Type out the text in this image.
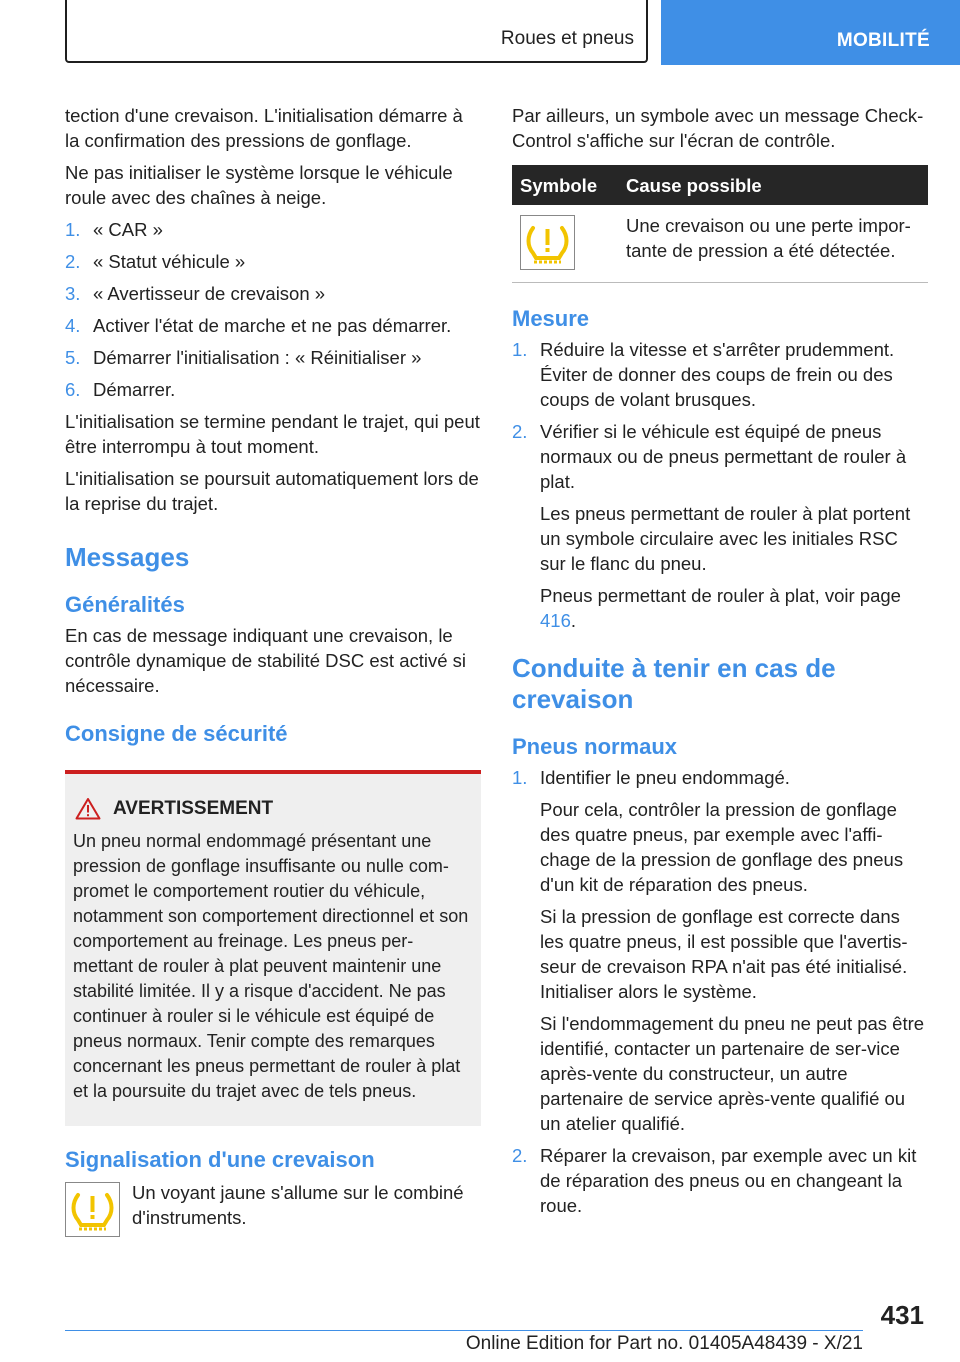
Roues et pneus	MOBILITÉ

tection d'une crevaison. L'initialisation démarre à la confirmation des pressions de gonflage.

Ne pas initialiser le système lorsque le véhicule roule avec des chaînes à neige.

1. « CAR »
2. « Statut véhicule »
3. « Avertisseur de crevaison »
4. Activer l'état de marche et ne pas démarrer.
5. Démarrer l'initialisation : « Réinitialiser »
6. Démarrer.

L'initialisation se termine pendant le trajet, qui peut être interrompu à tout moment.

L'initialisation se poursuit automatiquement lors de la reprise du trajet.

Messages
Généralités

En cas de message indiquant une crevaison, le contrôle dynamique de stabilité DSC est activé si nécessaire.

Consigne de sécurité
AVERTISSEMENT
Un pneu normal endommagé présentant une pression de gonflage insuffisante ou nulle com-promet le comportement routier du véhicule, notamment son comportement directionnel et son comportement au freinage. Les pneus per-mettant de rouler à plat peuvent maintenir une stabilité limitée. Il y a risque d'accident. Ne pas continuer à rouler si le véhicule est équipé de pneus normaux. Tenir compte des remarques concernant les pneus permettant de rouler à plat et la poursuite du trajet avec de tels pneus.
Signalisation d'une crevaison
Un voyant jaune s'allume sur le combiné d'instruments.

Par ailleurs, un symbole avec un message Check-Control s'affiche sur l'écran de contrôle.

Symbole	Cause possible

	Une crevaison ou une perte impor-tante de pression a été détectée.
Mesure
1. Réduire la vitesse et s'arrêter prudemment. Éviter de donner des coups de frein ou des coups de volant brusques.
2. Vérifier si le véhicule est équipé de pneus normaux ou de pneus permettant de rouler à plat.

Les pneus permettant de rouler à plat portent un symbole circulaire avec les initiales RSC sur le flanc du pneu.

Pneus permettant de rouler à plat, voir page 416.

Conduite à tenir en cas de crevaison
Pneus normaux
1. Identifier le pneu endommagé.

Pour cela, contrôler la pression de gonflage des quatre pneus, par exemple avec l'affi-chage de la pression de gonflage des pneus d'un kit de réparation des pneus.

Si la pression de gonflage est correcte dans les quatre pneus, il est possible que l'avertis-seur de crevaison RPA n'ait pas été initialisé. Initialiser alors le système.

Si l'endommagement du pneu ne peut pas être identifié, contacter un partenaire de ser-vice après-vente du constructeur, un autre partenaire de service après-vente qualifié ou un atelier qualifié.

2. Réparer la crevaison, par exemple avec un kit de réparation des pneus ou en changeant la roue.
431
Online Edition for Part no. 01405A48439 - X/21
